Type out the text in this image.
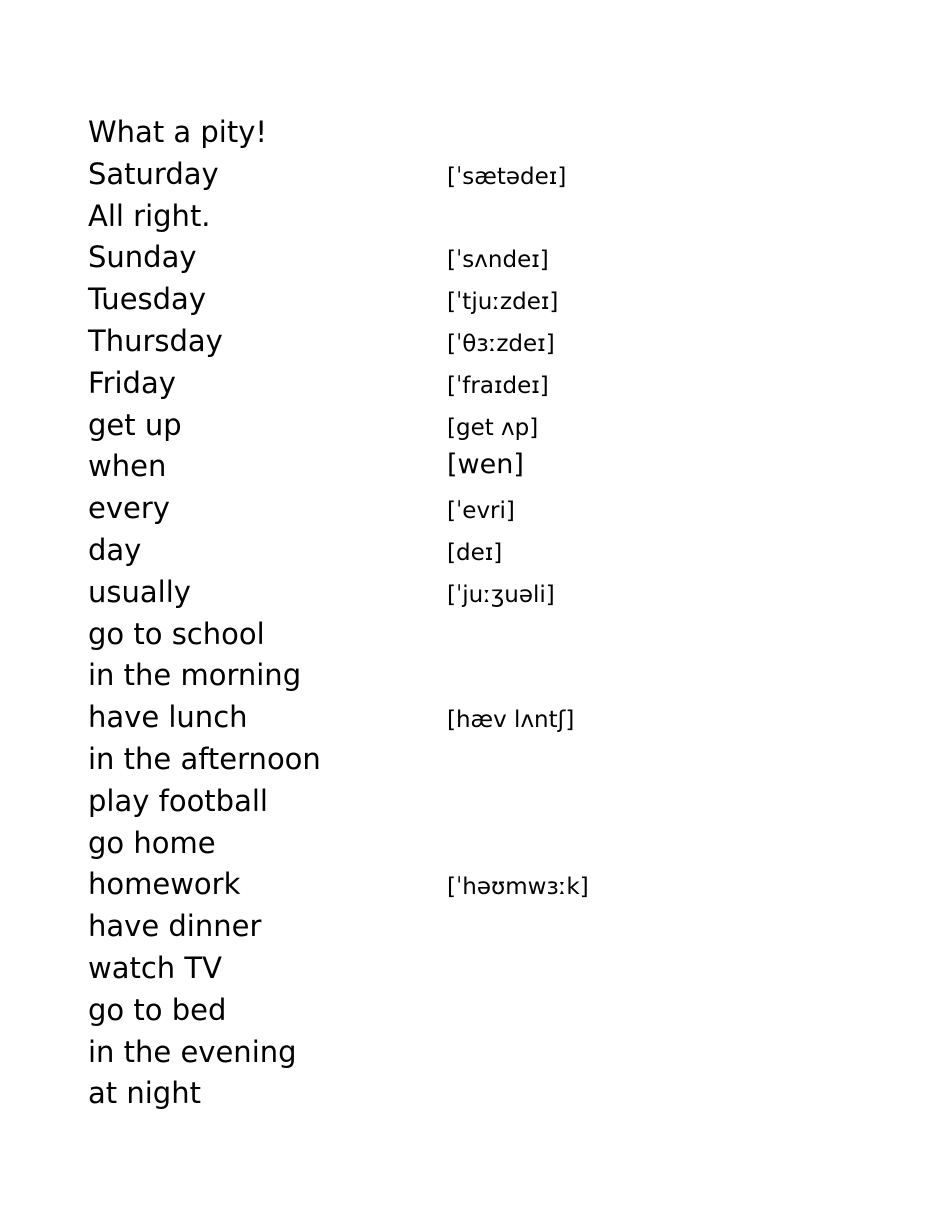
What a pity!
Saturday	[ˈsætədeɪ]
All right.
Sunday	[ˈsʌndeɪ]
Tuesday	[ˈtjuːzdeɪ]
Thursday	[ˈθɜːzdeɪ]
Friday	[ˈfraɪdeɪ]
get up	[get ʌp]
when	[wen]
every	[ˈevri]
day	[deɪ]
usually	[ˈjuːʒuəli]
go to school
in the morning
have lunch	[hæv lʌntʃ]
in the afternoon
play football
go home
homework	[ˈhəʊmwɜːk]
have dinner
watch TV
go to bed
in the evening
at night
